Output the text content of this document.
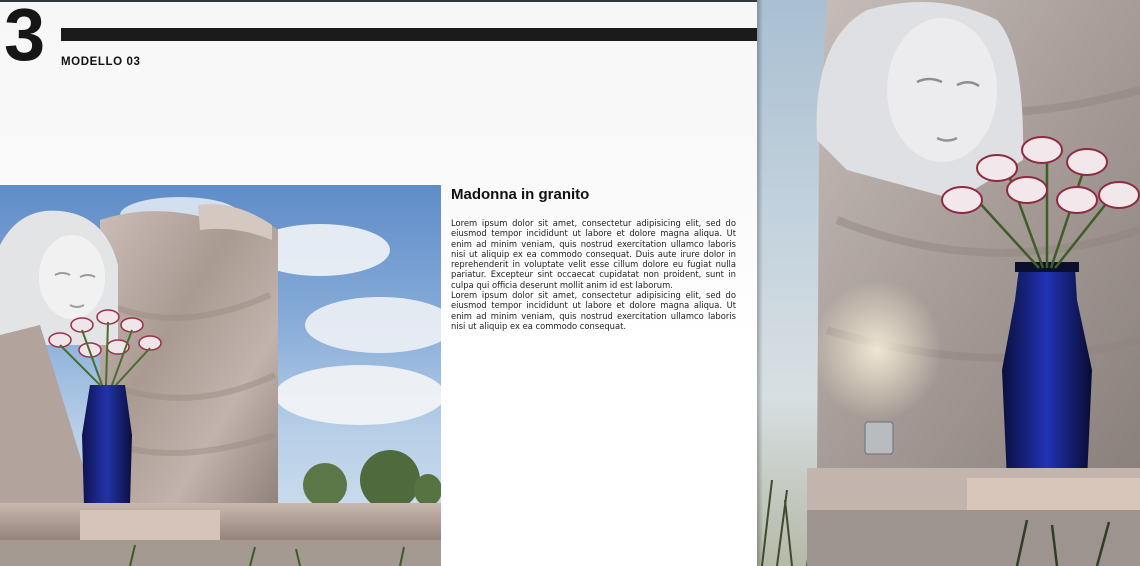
3 MODELLO 03
Madonna in granito

Lorem ipsum dolor sit amet, consectetur adipisicing elit, sed do eiusmod tempor incididunt ut labore et dolore magna aliqua. Ut enim ad minim veniam, quis nostrud exercitation ullamco laboris nisi ut aliquip ex ea commodo consequat. Duis aute irure dolor in reprehenderit in voluptate velit esse cillum dolore eu fugiat nulla pariatur. Excepteur sint occaecat cupidatat non proident, sunt in culpa qui officia deserunt mollit anim id est laborum.

Lorem ipsum dolor sit amet, consectetur adipisicing elit, sed do eiusmod tempor incididunt ut labore et dolore magna aliqua. Ut enim ad minim veniam, quis nostrud exercitation ullamco laboris nisi ut aliquip ex ea commodo consequat.
